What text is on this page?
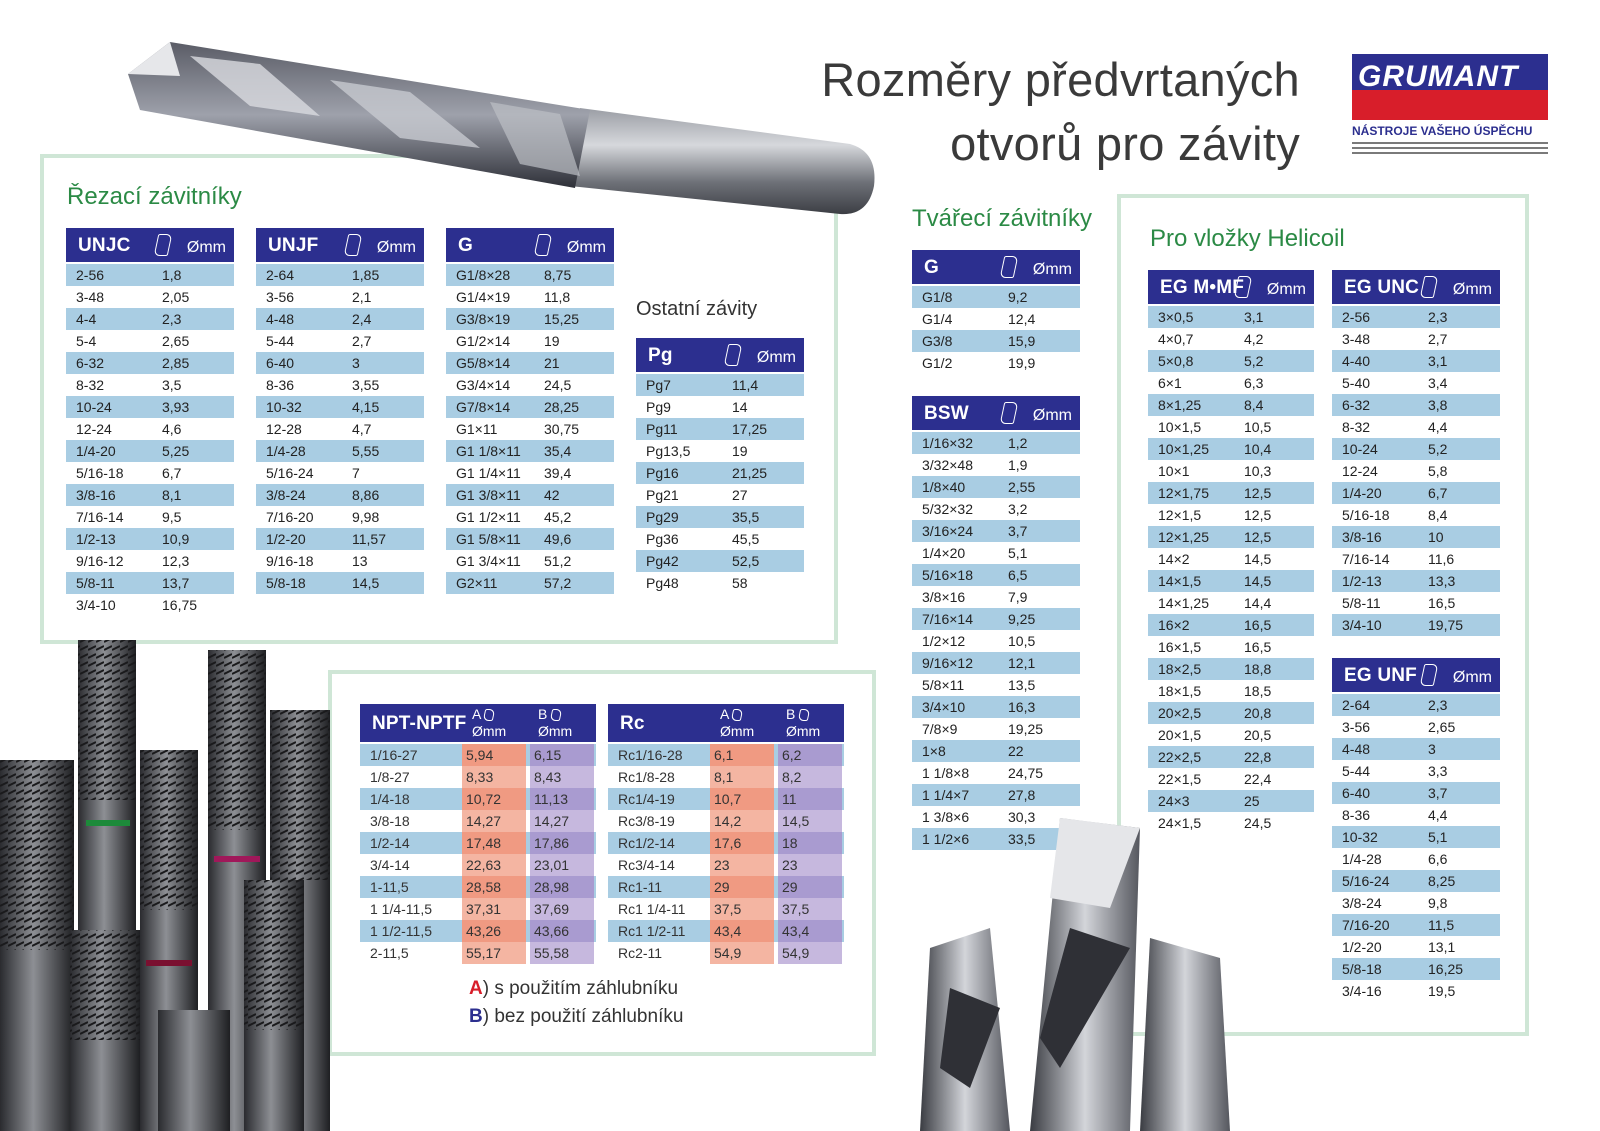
Rozměry předvrtaných
otvorů pro závity
GRUMANT
NÁSTROJE VAŠEHO ÚSPĚCHU
Řezací závitníky
Ostatní závity
Tvářecí závitníky
Pro vložky Helicoil
UNJC	Ømm
2-56	1,8
3-48	2,05
4-4	2,3
5-4	2,65
6-32	2,85
8-32	3,5
10-24	3,93
12-24	4,6
1/4-20	5,25
5/16-18	6,7
3/8-16	8,1
7/16-14	9,5
1/2-13	10,9
9/16-12	12,3
5/8-11	13,7
3/4-10	16,75
UNJF	Ømm
2-64	1,85
3-56	2,1
4-48	2,4
5-44	2,7
6-40	3
8-36	3,55
10-32	4,15
12-28	4,7
1/4-28	5,55
5/16-24	7
3/8-24	8,86
7/16-20	9,98
1/2-20	11,57
9/16-18	13
5/8-18	14,5
G	Ømm
G1/8×28 8,75
G1/4×19 11,8
G3/8×19 15,25
G1/2×14 19
G5/8×14 21
G3/4×14 24,5
G7/8×14 28,25
G1×11	30,75
G1 1/8×11 35,4
G1 1/4×11 39,4
G1 3/8×11 42
G1 1/2×11 45,2
G1 5/8×11 49,6
G1 3/4×11 51,2
G2×11	57,2
Pg	Ømm
Pg7	11,4
Pg9	14
Pg11	17,25
Pg13,5	19
Pg16	21,25
Pg21	27
Pg29	35,5
Pg36	45,5
Pg42	52,5
Pg48	58
G	Ømm
G1/8	9,2
G1/4	12,4
G3/8	15,9
G1/2	19,9
BSW	Ømm
1/16×32	1,2
3/32×48	1,9
1/8×40	2,55
5/32×32	3,2
3/16×24	3,7
1/4×20	5,1
5/16×18	6,5
3/8×16	7,9
7/16×14	9,25
1/2×12	10,5
9/16×12	12,1
5/8×11	13,5
3/4×10	16,3
7/8×9	19,25
1×8	22
1 1/8×8	24,75
1 1/4×7	27,8
1 3/8×6	30,3
1 1/2×6	33,5
EG M•MF Ømm
3×0,5	3,1
4×0,7	4,2
5×0,8	5,2
6×1	6,3
8×1,25	8,4
10×1,5	10,5
10×1,25	10,4
10×1	10,3
12×1,75	12,5
12×1,5	12,5
12×1,25	12,5
14×2	14,5
14×1,5	14,5
14×1,25	14,4
16×2	16,5
16×1,5	16,5
18×2,5	18,8
18×1,5	18,5
20×2,5	20,8
20×1,5	20,5
22×2,5	22,8
22×1,5	22,4
24×3	25
24×1,5	24,5
EG UNC Ømm
2-56	2,3
3-48	2,7
4-40	3,1
5-40	3,4
6-32	3,8
8-32	4,4
10-24	5,2
12-24	5,8
1/4-20	6,7
5/16-18	8,4
3/8-16	10
7/16-14	11,6
1/2-13	13,3
5/8-11	16,5
3/4-10	19,75
EG UNF Ømm
2-64	2,3
3-56	2,65
4-48	3
5-44	3,3
6-40	3,7
8-36	4,4
10-32	5,1
1/4-28	6,6
5/16-24	8,25
3/8-24	9,8
7/16-20	11,5
1/2-20	13,1
5/8-18	16,25
3/4-16	19,5
NPT-NPTF A
Ømm
B
Ømm
1/16-27	5,94	6,15
1/8-27	8,33	8,43
1/4-18	10,72	11,13
3/8-18	14,27	14,27
1/2-14	17,48	17,86
3/4-14	22,63	23,01
1-11,5	28,58	28,98
1 1/4-11,5 37,31	37,69
1 1/2-11,5 43,26	43,66
2-11,5	55,17	55,58
Rc	A
Ømm
B
Ømm
Rc1/16-28 6,1	6,2
Rc1/8-28	8,1	8,2
Rc1/4-19	10,7	11
Rc3/8-19	14,2	14,5
Rc1/2-14	17,6	18
Rc3/4-14	23	23
Rc1-11	29	29
Rc1 1/4-11 37,5	37,5
Rc1 1/2-11 43,4	43,4
Rc2-11	54,9	54,9
A) s použitím záhlubníku
B) bez použití záhlubníku
